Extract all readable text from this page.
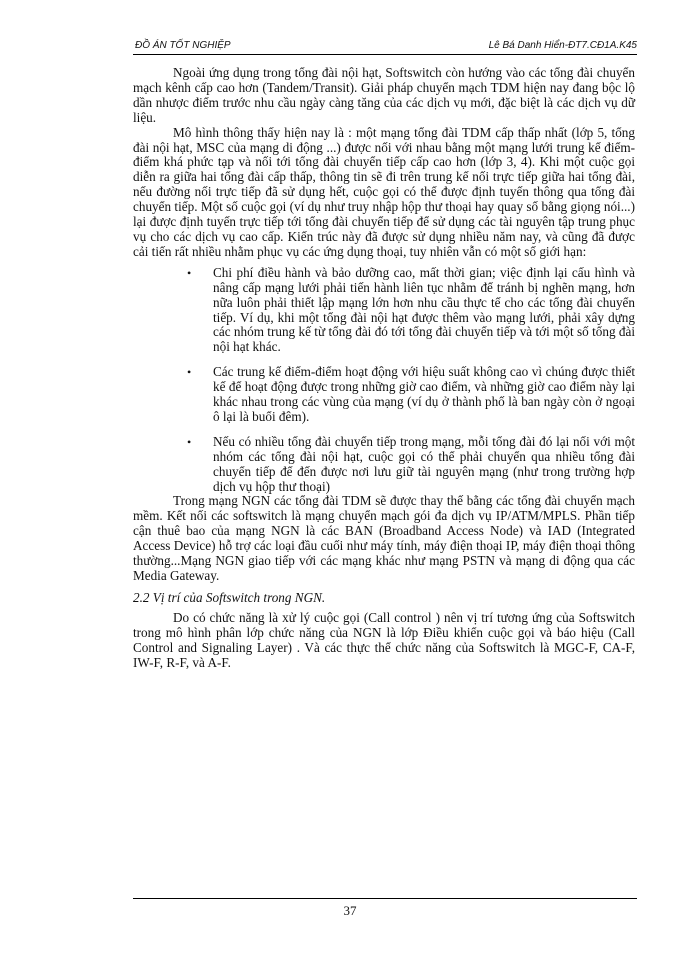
ĐỒ ÁN TỐT NGHIỆP	Lê Bá Danh Hiển-ĐT7.CĐ1A.K45

Ngoài ứng dụng trong tổng đài nội hạt, Softswitch còn hướng vào các tổng đài chuyển mạch kênh cấp cao hơn (Tandem/Transit). Giải pháp chuyển mạch TDM hiện nay đang bộc lộ dần nhược điểm trước nhu cầu ngày càng tăng của các dịch vụ mới, đặc biệt là các dịch vụ dữ liệu.

Mô hình thông thấy hiện nay là : một mạng tổng đài TDM cấp thấp nhất (lớp 5, tổng đài nội hạt, MSC của mạng di động ...) được nối với nhau bằng một mạng lưới trung kế điểm-điểm khá phức tạp và nối tới tổng đài chuyển tiếp cấp cao hơn (lớp 3, 4). Khi một cuộc gọi diễn ra giữa hai tổng đài cấp thấp, thông tin sẽ đi trên trung kế nối trực tiếp giữa hai tổng đài, nếu đường nối trực tiếp đã sử dụng hết, cuộc gọi có thể được định tuyến thông qua tổng đài chuyển tiếp. Một số cuộc gọi (ví dụ như truy nhập hộp thư thoại hay quay số bằng giọng nói...) lại được định tuyến trực tiếp tới tổng đài chuyển tiếp để sử dụng các tài nguyên tập trung phục vụ cho các dịch vụ cao cấp. Kiến trúc này đã được sử dụng nhiều năm nay, và cũng đã được cải tiến rất nhiều nhằm phục vụ các ứng dụng thoại, tuy nhiên vẫn có một số giới hạn:

• Chi phí điều hành và bảo dưỡng cao, mất thời gian; việc định lại cấu hình và nâng cấp mạng lưới phải tiến hành liên tục nhằm để tránh bị nghẽn mạng, hơn nữa luôn phải thiết lập mạng lớn hơn nhu cầu thực tế cho các tổng đài chuyển tiếp. Ví dụ, khi một tổng đài nội hạt được thêm vào mạng lưới, phải xây dựng các nhóm trung kế từ tổng đài đó tới tổng đài chuyển tiếp và tới một số tổng đài nội hạt khác.
• Các trung kế điểm-điểm hoạt động với hiệu suất không cao vì chúng được thiết kế để hoạt động được trong những giờ cao điểm, và những giờ cao điểm này lại khác nhau trong các vùng của mạng (ví dụ ở thành phố là ban ngày còn ở ngoại ô lại là buổi đêm).
• Nếu có nhiều tổng đài chuyển tiếp trong mạng, mỗi tổng đài đó lại nối với một nhóm các tổng đài nội hạt, cuộc gọi có thể phải chuyển qua nhiều tổng đài chuyển tiếp để đến được nơi lưu giữ tài nguyên mạng (như trong trường hợp dịch vụ hộp thư thoại)

Trong mạng NGN các tổng đài TDM sẽ được thay thế bằng các tổng đài chuyển mạch mềm. Kết nối các softswitch là mạng chuyển mạch gói đa dịch vụ IP/ATM/MPLS. Phần tiếp cận thuê bao của mạng NGN là các BAN (Broadband Access Node) và IAD (Integrated Access Device) hỗ trợ các loại đầu cuối như máy tính, máy điện thoại IP, máy điện thoại thông thường...Mạng NGN giao tiếp với các mạng khác như mạng PSTN và mạng di động qua các Media Gateway.

2.2 Vị trí của Softswitch trong NGN.

Do có chức năng là xử lý cuộc gọi (Call control ) nên vị trí tương ứng của Softswitch trong mô hình phân lớp chức năng của NGN là lớp Điều khiển cuộc gọi và báo hiệu (Call Control and Signaling Layer) . Và các thực thể chức năng của Softswitch là MGC-F, CA-F, IW-F, R-F, và A-F.

37
